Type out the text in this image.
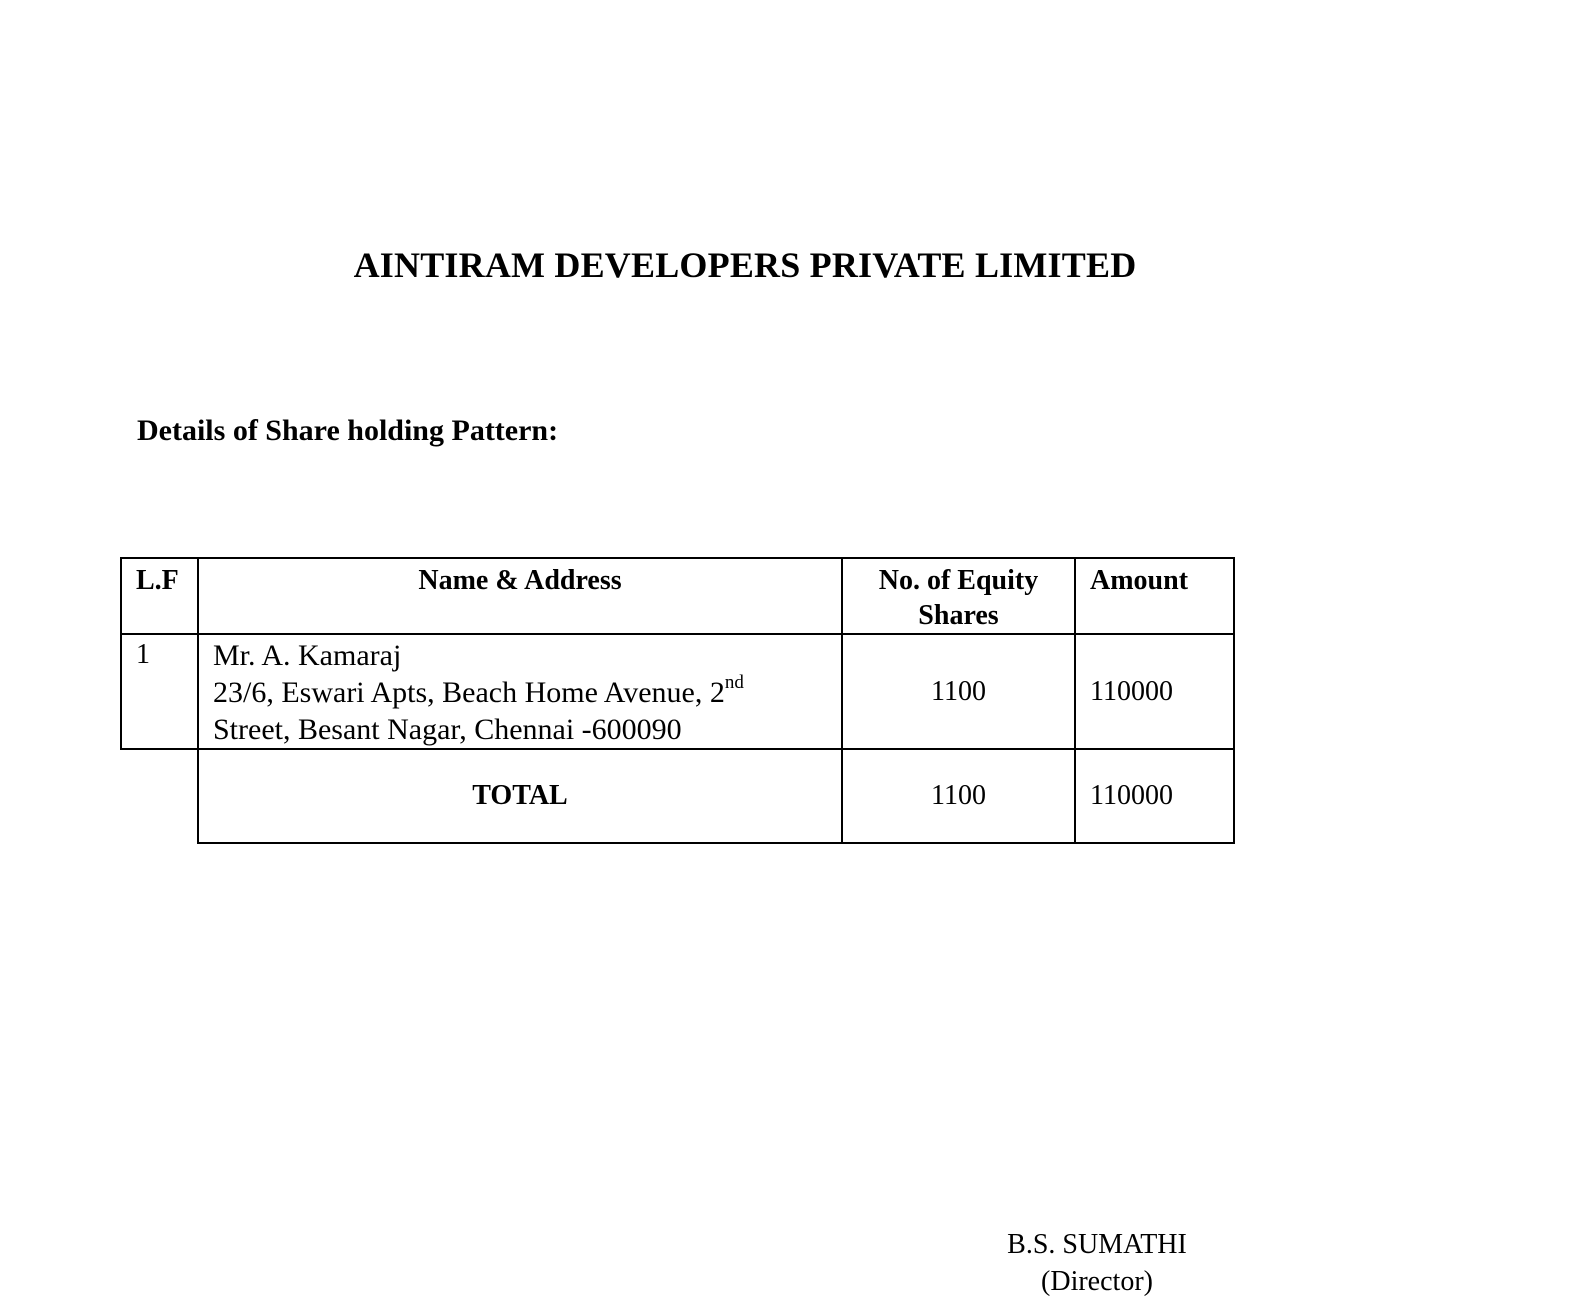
AINTIRAM DEVELOPERS PRIVATE LIMITED
Details of Share holding Pattern:
L.F	Name & Address	No. of Equity Shares	Amount
1	Mr. A. Kamaraj
23/6, Eswari Apts, Beach Home Avenue, 2nd
Street, Besant Nagar, Chennai -600090	1100	110000
	TOTAL	1100	110000
B.S. SUMATHI
(Director)
